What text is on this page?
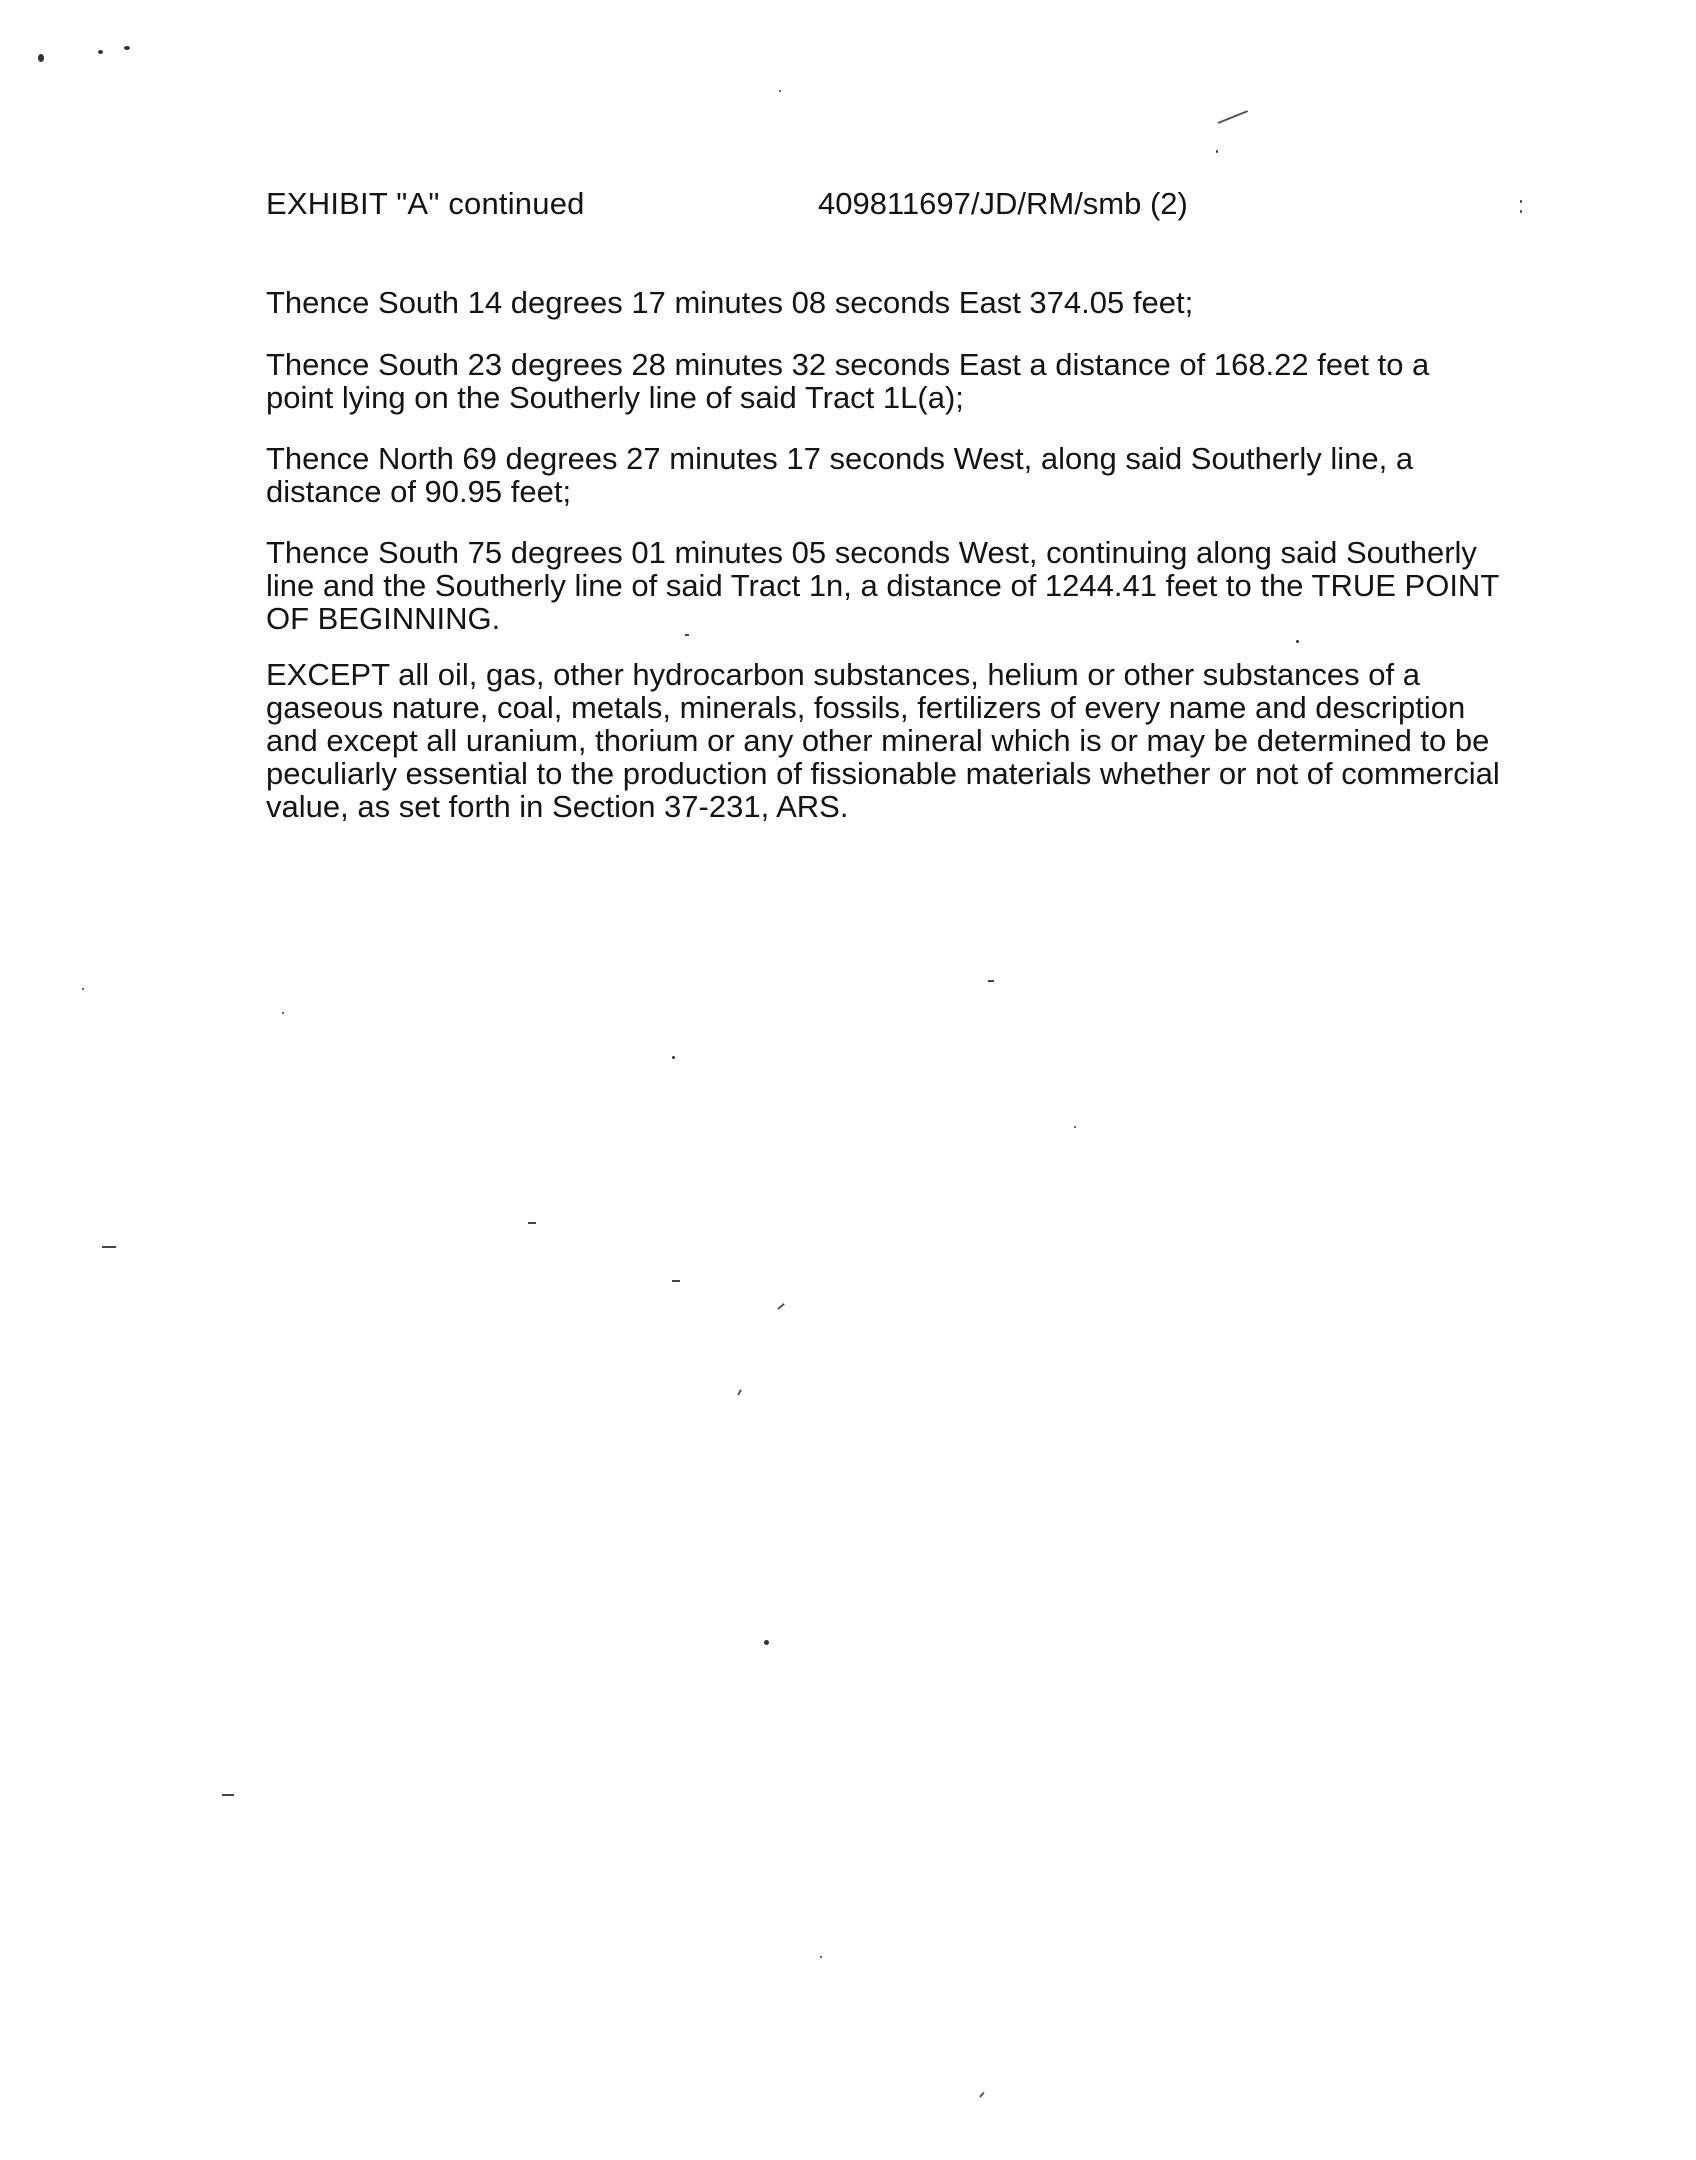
EXHIBIT "A" continued	409811697/JD/RM/smb (2)

Thence South 14 degrees 17 minutes 08 seconds East 374.05 feet;

Thence South 23 degrees 28 minutes 32 seconds East a distance of 168.22 feet to a
point lying on the Southerly line of said Tract 1L(a);

Thence North 69 degrees 27 minutes 17 seconds West, along said Southerly line, a
distance of 90.95 feet;

Thence South 75 degrees 01 minutes 05 seconds West, continuing along said Southerly
line and the Southerly line of said Tract 1n, a distance of 1244.41 feet to the TRUE POINT
OF BEGINNING.

EXCEPT all oil, gas, other hydrocarbon substances, helium or other substances of a
gaseous nature, coal, metals, minerals, fossils, fertilizers of every name and description
and except all uranium, thorium or any other mineral which is or may be determined to be
peculiarly essential to the production of fissionable materials whether or not of commercial
value, as set forth in Section 37-231, ARS.
